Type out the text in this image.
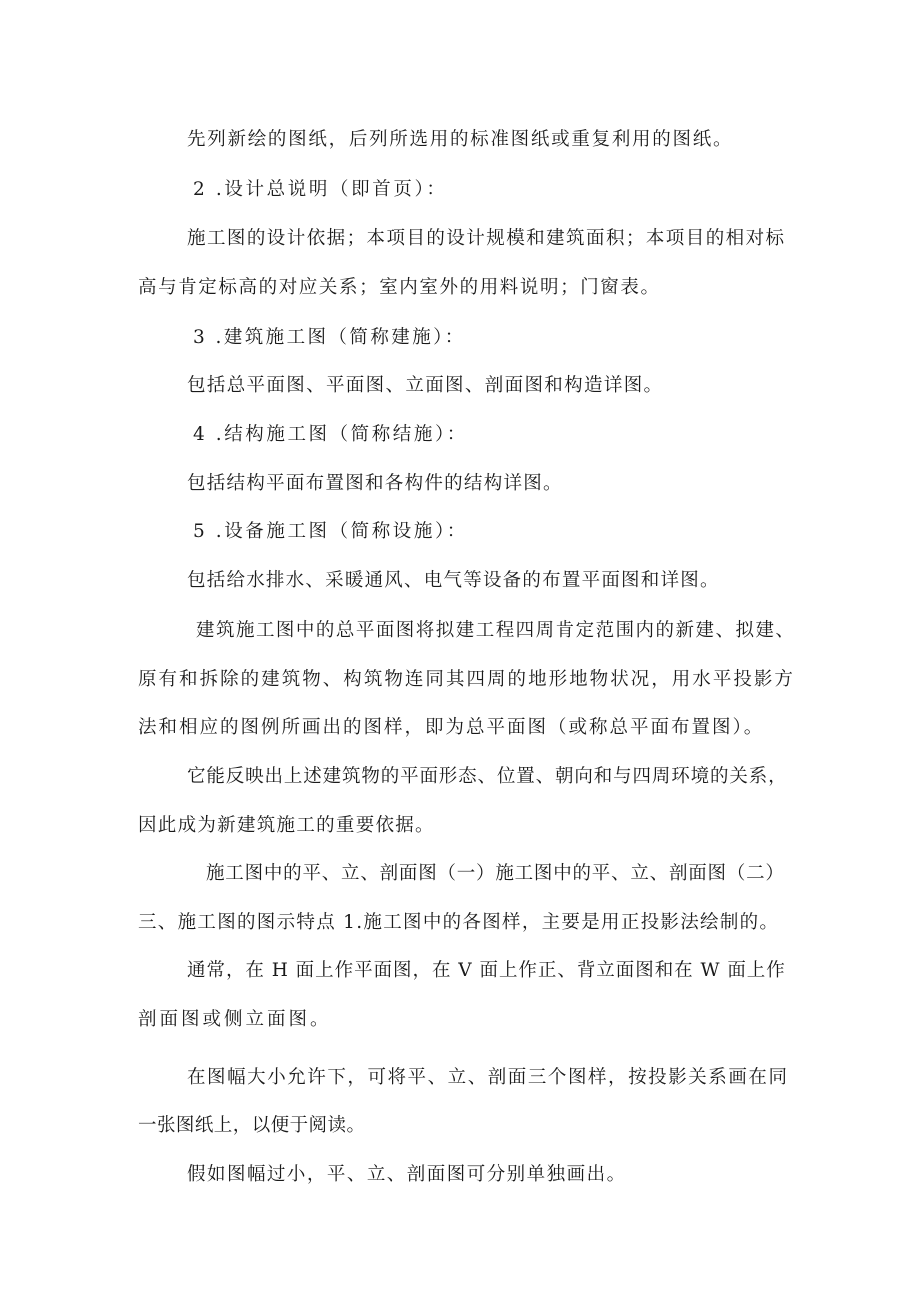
先列新绘的图纸，后列所选用的标准图纸或重复利用的图纸。
2 .设计总说明（即首页）：
施工图的设计依据；本项目的设计规模和建筑面积；本项目的相对标
高与肯定标高的对应关系；室内室外的用料说明；门窗表。
3 .建筑施工图（简称建施）：
包括总平面图、平面图、立面图、剖面图和构造详图。
4 .结构施工图（简称结施）：
包括结构平面布置图和各构件的结构详图。
5 .设备施工图（简称设施）：
包括给水排水、采暖通风、电气等设备的布置平面图和详图。
建筑施工图中的总平面图将拟建工程四周肯定范围内的新建、拟建、
原有和拆除的建筑物、构筑物连同其四周的地形地物状况，用水平投影方
法和相应的图例所画出的图样，即为总平面图（或称总平面布置图）。
它能反映出上述建筑物的平面形态、位置、朝向和与四周环境的关系，
因此成为新建筑施工的重要依据。
施工图中的平、立、剖面图（一）施工图中的平、立、剖面图（二）
三、施工图的图示特点 1.施工图中的各图样，主要是用正投影法绘制的。
通常，在 H 面上作平面图，在 V 面上作正、背立面图和在 W 面上作
剖面图或侧立面图。
在图幅大小允许下，可将平、立、剖面三个图样，按投影关系画在同
一张图纸上，以便于阅读。
假如图幅过小，平、立、剖面图可分别单独画出。
